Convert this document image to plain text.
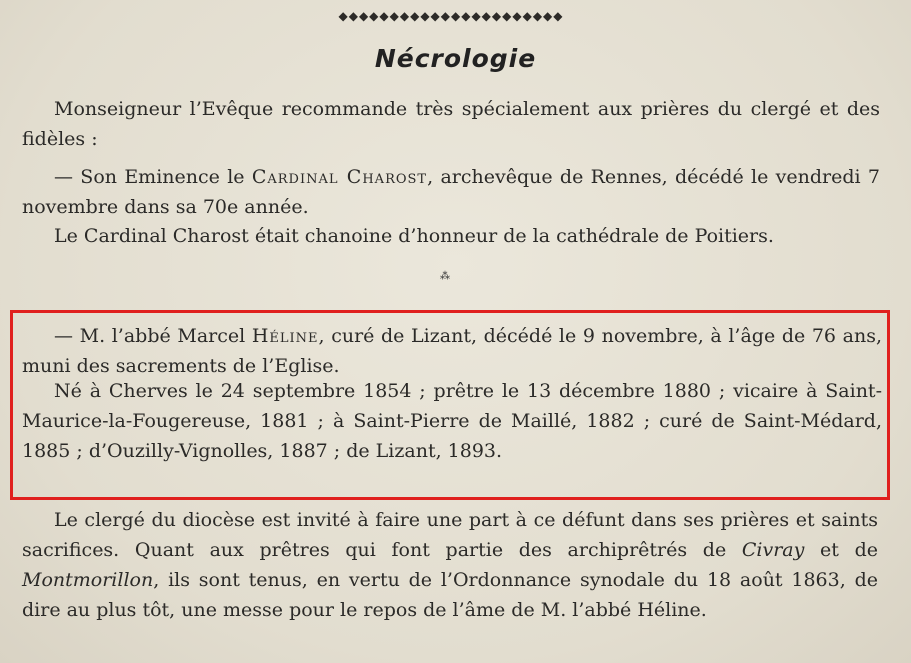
◆◆◆◆◆◆◆◆◆◆◆◆◆◆◆◆◆◆◆◆◆◆
Nécrologie
Monseigneur l’Evêque recommande très spécialement aux prières du clergé et des fidèles :
— Son Eminence le Cardinal Charost, archevêque de Rennes, décédé le vendredi 7 novembre dans sa 70e année.
Le Cardinal Charost était chanoine d’honneur de la cathédrale de Poitiers.
⁂
— M. l’abbé Marcel Héline, curé de Lizant, décédé le 9 novembre, à l’âge de 76 ans, muni des sacrements de l’Eglise.
Né à Cherves le 24 septembre 1854 ; prêtre le 13 décembre 1880 ; vicaire à Saint-Maurice-la-Fougereuse, 1881 ; à Saint-Pierre de Maillé, 1882 ; curé de Saint-Médard, 1885 ; d’Ouzilly-Vignolles, 1887 ; de Lizant, 1893.
Le clergé du diocèse est invité à faire une part à ce défunt dans ses prières et saints sacrifices. Quant aux prêtres qui font partie des archiprêtrés de Civray et de Montmorillon, ils sont tenus, en vertu de l’Ordonnance synodale du 18 août 1863, de dire au plus tôt, une messe pour le repos de l’âme de M. l’abbé Héline.
